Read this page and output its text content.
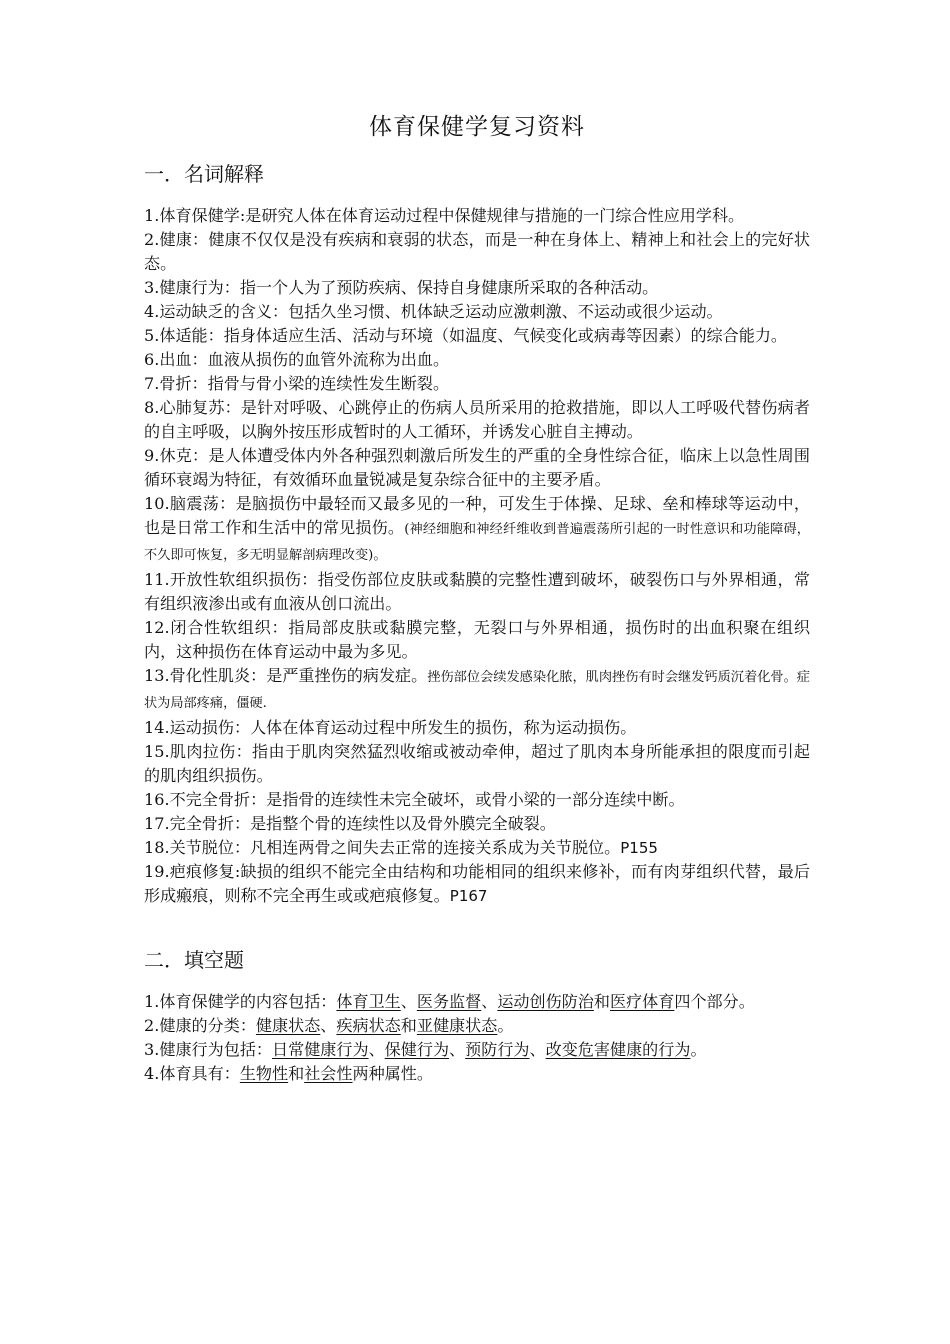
体育保健学复习资料
一．名词解释

1.体育保健学:是研究人体在体育运动过程中保健规律与措施的一门综合性应用学科。

2.健康：健康不仅仅是没有疾病和衰弱的状态，而是一种在身体上、精神上和社会上的完好状态。

3.健康行为：指一个人为了预防疾病、保持自身健康所采取的各种活动。

4.运动缺乏的含义：包括久坐习惯、机体缺乏运动应激刺激、不运动或很少运动。

5.体适能：指身体适应生活、活动与环境（如温度、气候变化或病毒等因素）的综合能力。

6.出血：血液从损伤的血管外流称为出血。

7.骨折：指骨与骨小梁的连续性发生断裂。

8.心肺复苏：是针对呼吸、心跳停止的伤病人员所采用的抢救措施，即以人工呼吸代替伤病者的自主呼吸，以胸外按压形成暂时的人工循环，并诱发心脏自主搏动。

9.休克：是人体遭受体内外各种强烈刺激后所发生的严重的全身性综合征，临床上以急性周围循环衰竭为特征，有效循环血量锐减是复杂综合征中的主要矛盾。

10.脑震荡：是脑损伤中最轻而又最多见的一种，可发生于体操、足球、垒和棒球等运动中，也是日常工作和生活中的常见损伤。(神经细胞和神经纤维收到普遍震荡所引起的一时性意识和功能障碍，不久即可恢复，多无明显解剖病理改变)。

11.开放性软组织损伤：指受伤部位皮肤或黏膜的完整性遭到破坏，破裂伤口与外界相通，常有组织液渗出或有血液从创口流出。

12.闭合性软组织：指局部皮肤或黏膜完整，无裂口与外界相通，损伤时的出血积聚在组织内，这种损伤在体育运动中最为多见。

13.骨化性肌炎：是严重挫伤的病发症。挫伤部位会续发感染化脓，肌肉挫伤有时会继发钙质沉着化骨。症状为局部疼痛，僵硬.

14.运动损伤：人体在体育运动过程中所发生的损伤，称为运动损伤。

15.肌肉拉伤：指由于肌肉突然猛烈收缩或被动牵伸，超过了肌肉本身所能承担的限度而引起的肌肉组织损伤。

16.不完全骨折：是指骨的连续性未完全破坏，或骨小梁的一部分连续中断。

17.完全骨折：是指整个骨的连续性以及骨外膜完全破裂。

18.关节脱位：凡相连两骨之间失去正常的连接关系成为关节脱位。P155

19.疤痕修复:缺损的组织不能完全由结构和功能相同的组织来修补，而有肉芽组织代替，最后形成瘢痕，则称不完全再生或或疤痕修复。P167

二．填空题

1.体育保健学的内容包括：体育卫生、医务监督、运动创伤防治和医疗体育四个部分。

2.健康的分类：健康状态、疾病状态和亚健康状态。

3.健康行为包括：日常健康行为、保健行为、预防行为、改变危害健康的行为。

4.体育具有：生物性和社会性两种属性。
